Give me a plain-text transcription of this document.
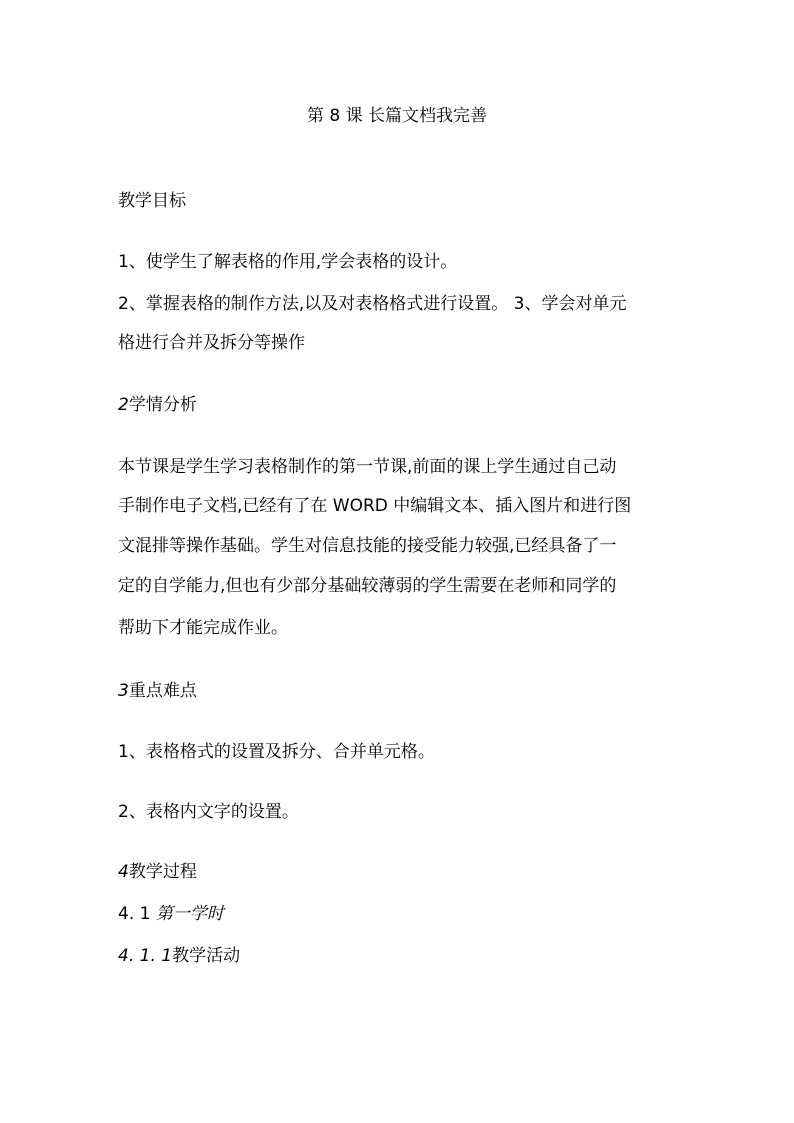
第 8 课 长篇文档我完善

教学目标

1、使学生了解表格的作用,学会表格的设计。

2、掌握表格的制作方法,以及对表格格式进行设置。 3、学会对单元

格进行合并及拆分等操作

2学情分析

本节课是学生学习表格制作的第一节课,前面的课上学生通过自己动

手制作电子文档,已经有了在 WORD 中编辑文本、插入图片和进行图

文混排等操作基础。学生对信息技能的接受能力较强,已经具备了一

定的自学能力,但也有少部分基础较薄弱的学生需要在老师和同学的

帮助下才能完成作业。

3重点难点

1、表格格式的设置及拆分、合并单元格。

2、表格内文字的设置。

4教学过程

4. 1 第一学时

4. 1. 1教学活动
